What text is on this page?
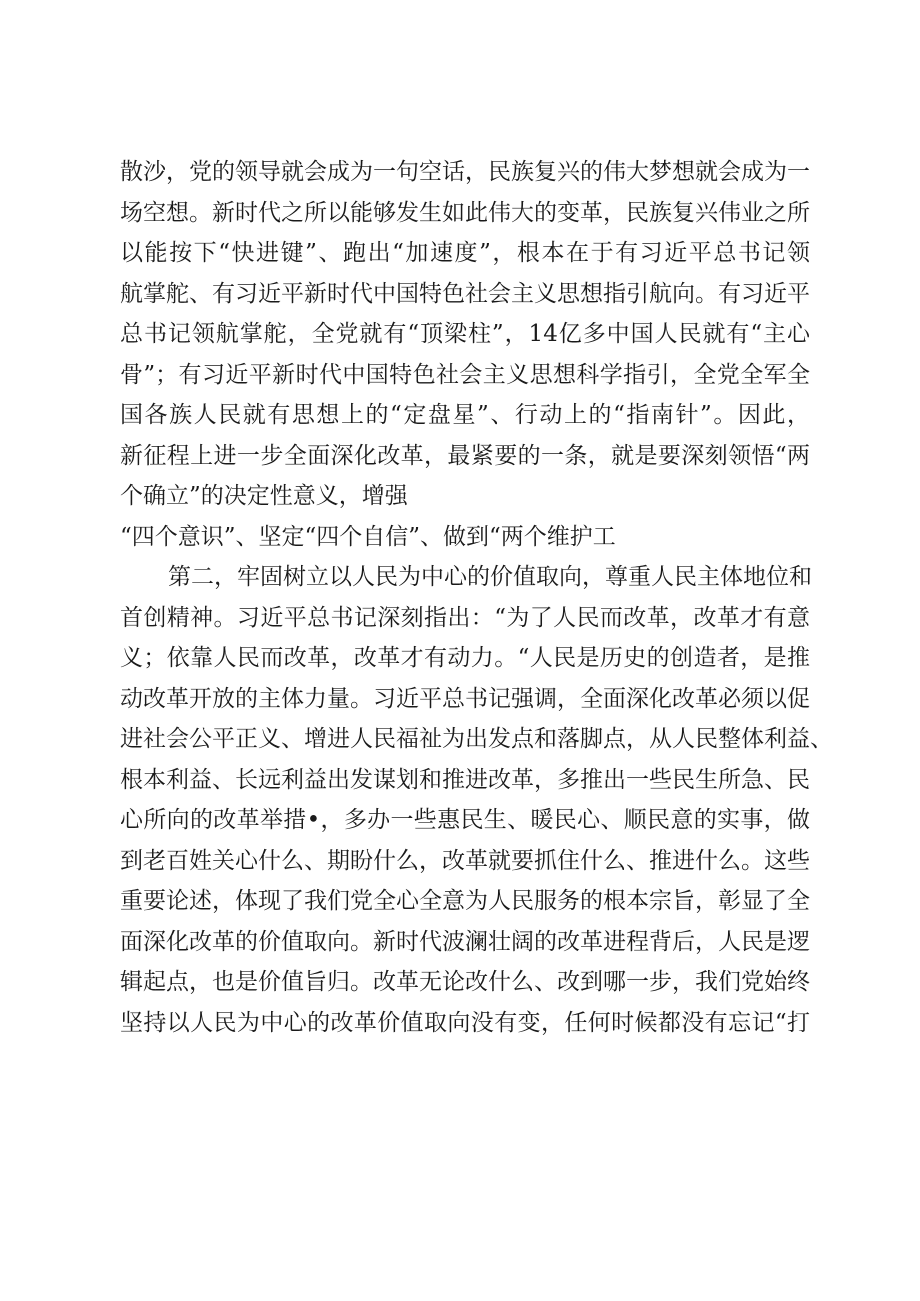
散沙，党的领导就会成为一句空话，民族复兴的伟大梦想就会成为一
场空想。新时代之所以能够发生如此伟大的变革，民族复兴伟业之所
以能按下“快进键”、跑出“加速度”，根本在于有习近平总书记领
航掌舵、有习近平新时代中国特色社会主义思想指引航向。有习近平
总书记领航掌舵，全党就有“顶梁柱”，14亿多中国人民就有“主心
骨”；有习近平新时代中国特色社会主义思想科学指引，全党全军全
国各族人民就有思想上的“定盘星”、行动上的“指南针”。因此，
新征程上进一步全面深化改革，最紧要的一条，就是要深刻领悟“两
个确立”的决定性意义，增强
“四个意识”、坚定“四个自信”、做到“两个维护工
第二，牢固树立以人民为中心的价值取向，尊重人民主体地位和
首创精神。习近平总书记深刻指出：“为了人民而改革，改革才有意
义；依靠人民而改革，改革才有动力。“人民是历史的创造者，是推
动改革开放的主体力量。习近平总书记强调，全面深化改革必须以促
进社会公平正义、增进人民福祉为出发点和落脚点，从人民整体利益、
根本利益、长远利益出发谋划和推进改革，多推出一些民生所急、民
心所向的改革举措•，多办一些惠民生、暖民心、顺民意的实事，做
到老百姓关心什么、期盼什么，改革就要抓住什么、推进什么。这些
重要论述，体现了我们党全心全意为人民服务的根本宗旨，彰显了全
面深化改革的价值取向。新时代波澜壮阔的改革进程背后，人民是逻
辑起点，也是价值旨归。改革无论改什么、改到哪一步，我们党始终
坚持以人民为中心的改革价值取向没有变，任何时候都没有忘记“打
